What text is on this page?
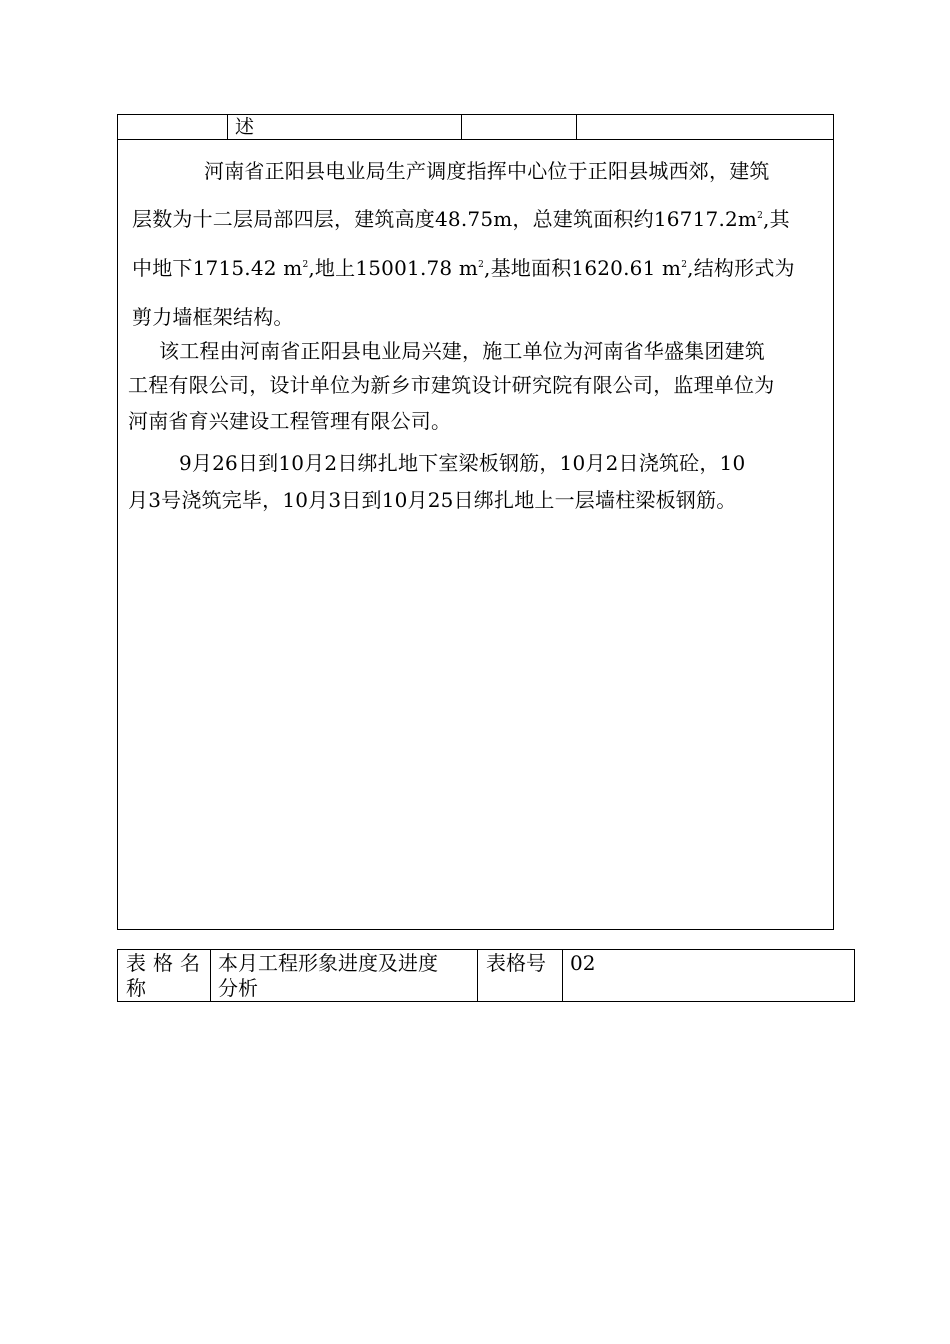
述
河南省正阳县电业局生产调度指挥中心位于正阳县城西郊，建筑
层数为十二层局部四层，建筑高度48.75m，总建筑面积约$16717.2m^2$,其
中地下1715.42 $m^2$,地上15001.78 $m^2$,基地面积1620.61 $m^2$,结构形式为
剪力墙框架结构。
该工程由河南省正阳县电业局兴建，施工单位为河南省华盛集团建筑
工程有限公司，设计单位为新乡市建筑设计研究院有限公司，监理单位为
河南省育兴建设工程管理有限公司。
9月26日到10月2日绑扎地下室梁板钢筋，10月2日浇筑砼，10
月3号浇筑完毕，10月3日到10月25日绑扎地上一层墙柱梁板钢筋。
表格名
称
本月工程形象进度及进度
分析
表格号	02
